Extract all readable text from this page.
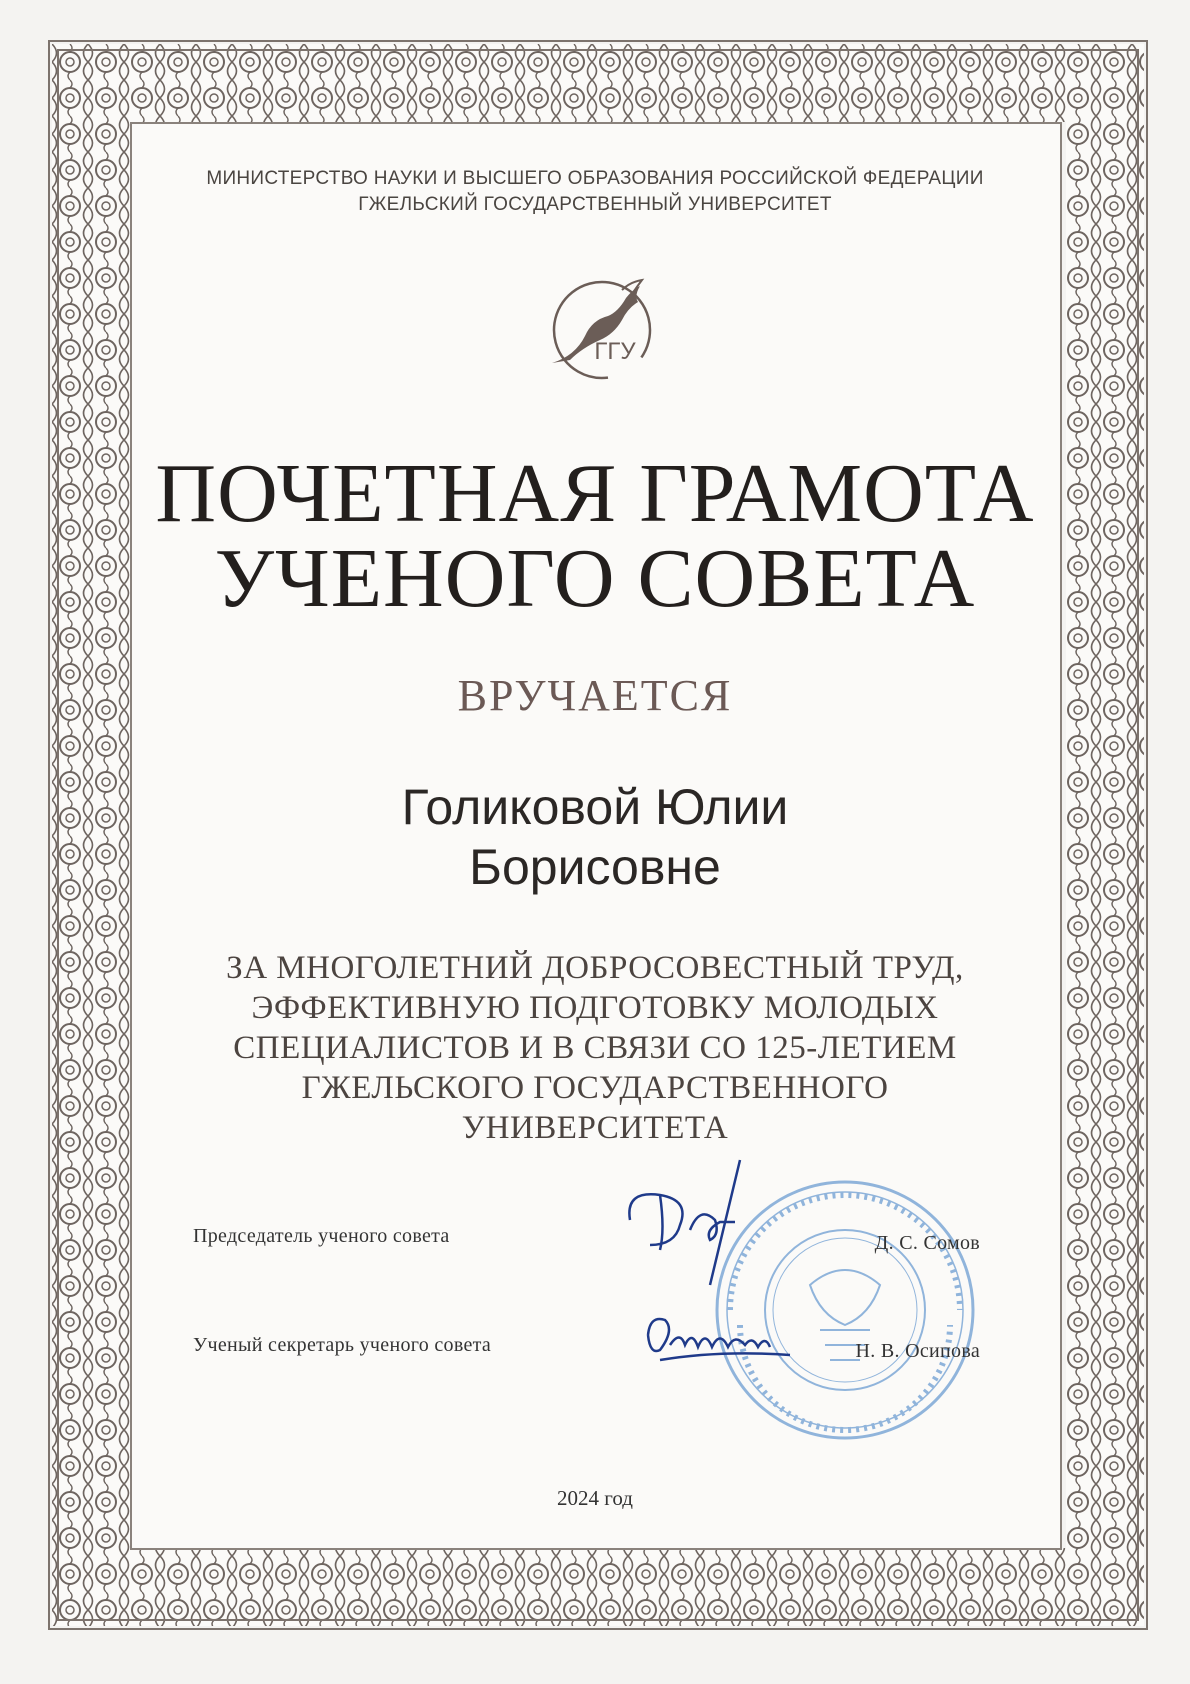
МИНИСТЕРСТВО НАУКИ И ВЫСШЕГО ОБРАЗОВАНИЯ РОССИЙСКОЙ ФЕДЕРАЦИИ
ГЖЕЛЬСКИЙ ГОСУДАРСТВЕННЫЙ УНИВЕРСИТЕТ
ГГУ
ПОЧЕТНАЯ ГРАМОТА
УЧЕНОГО СОВЕТА
ВРУЧАЕТСЯ
Голиковой Юлии
Борисовне
ЗА МНОГОЛЕТНИЙ ДОБРОСОВЕСТНЫЙ ТРУД,
ЭФФЕКТИВНУЮ ПОДГОТОВКУ МОЛОДЫХ
СПЕЦИАЛИСТОВ И В СВЯЗИ СО 125-ЛЕТИЕМ
ГЖЕЛЬСКОГО ГОСУДАРСТВЕННОГО
УНИВЕРСИТЕТА
Председатель ученого совета	Д. С. Сомов
Ученый секретарь ученого совета	Н. В. Осипова
2024 год
